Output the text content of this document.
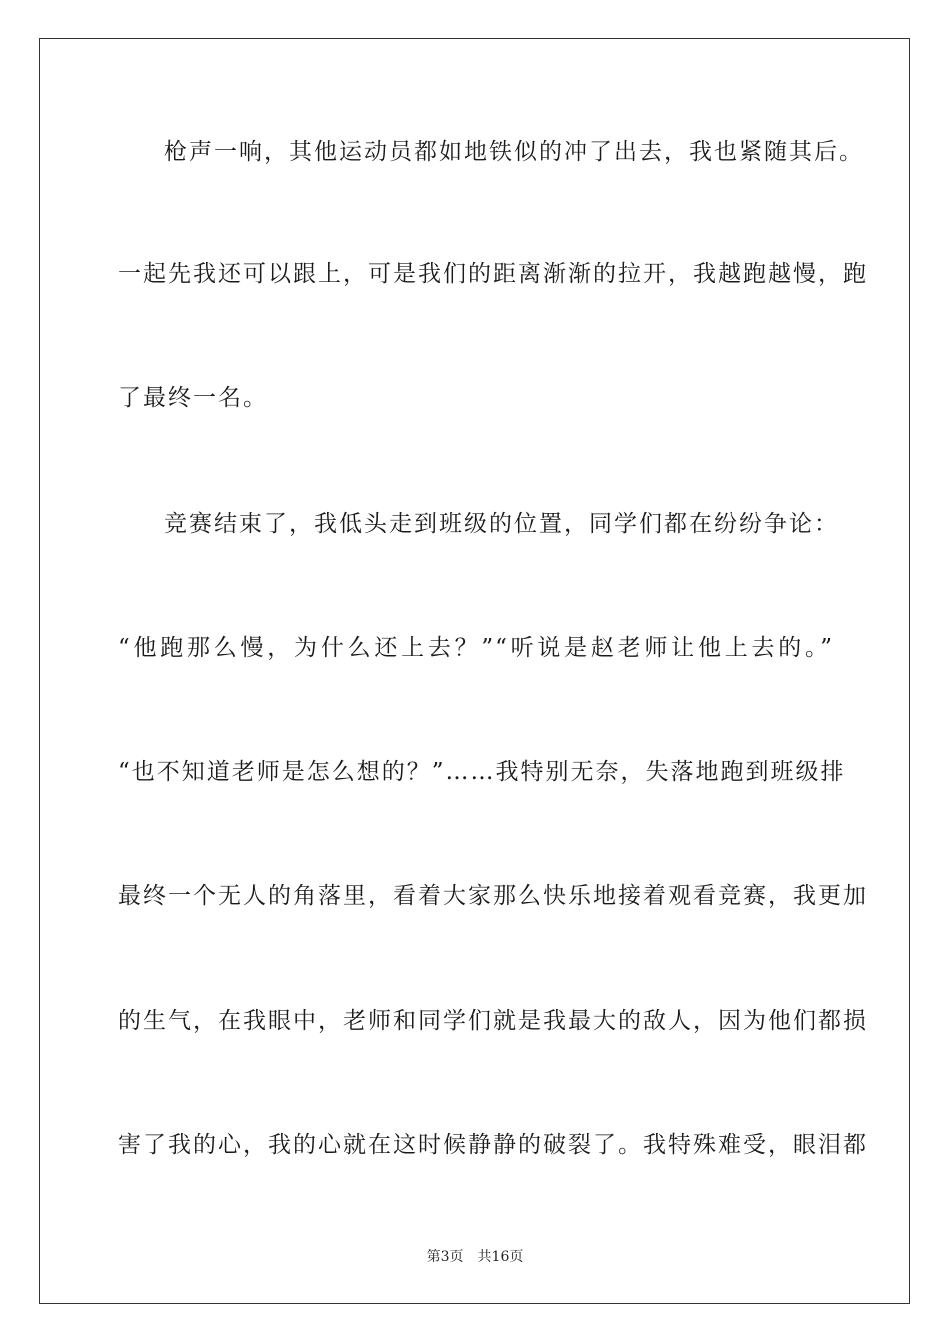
枪声一响，其他运动员都如地铁似的冲了出去，我也紧随其后。
一起先我还可以跟上，可是我们的距离渐渐的拉开，我越跑越慢，跑
了最终一名。
竞赛结束了，我低头走到班级的位置，同学们都在纷纷争论：
“他跑那么慢，为什么还上去？”“听说是赵老师让他上去的。”
“也不知道老师是怎么想的？”……我特别无奈，失落地跑到班级排
最终一个无人的角落里，看着大家那么快乐地接着观看竞赛，我更加
的生气，在我眼中，老师和同学们就是我最大的敌人，因为他们都损
害了我的心，我的心就在这时候静静的破裂了。我特殊难受，眼泪都
第3页 共16页
